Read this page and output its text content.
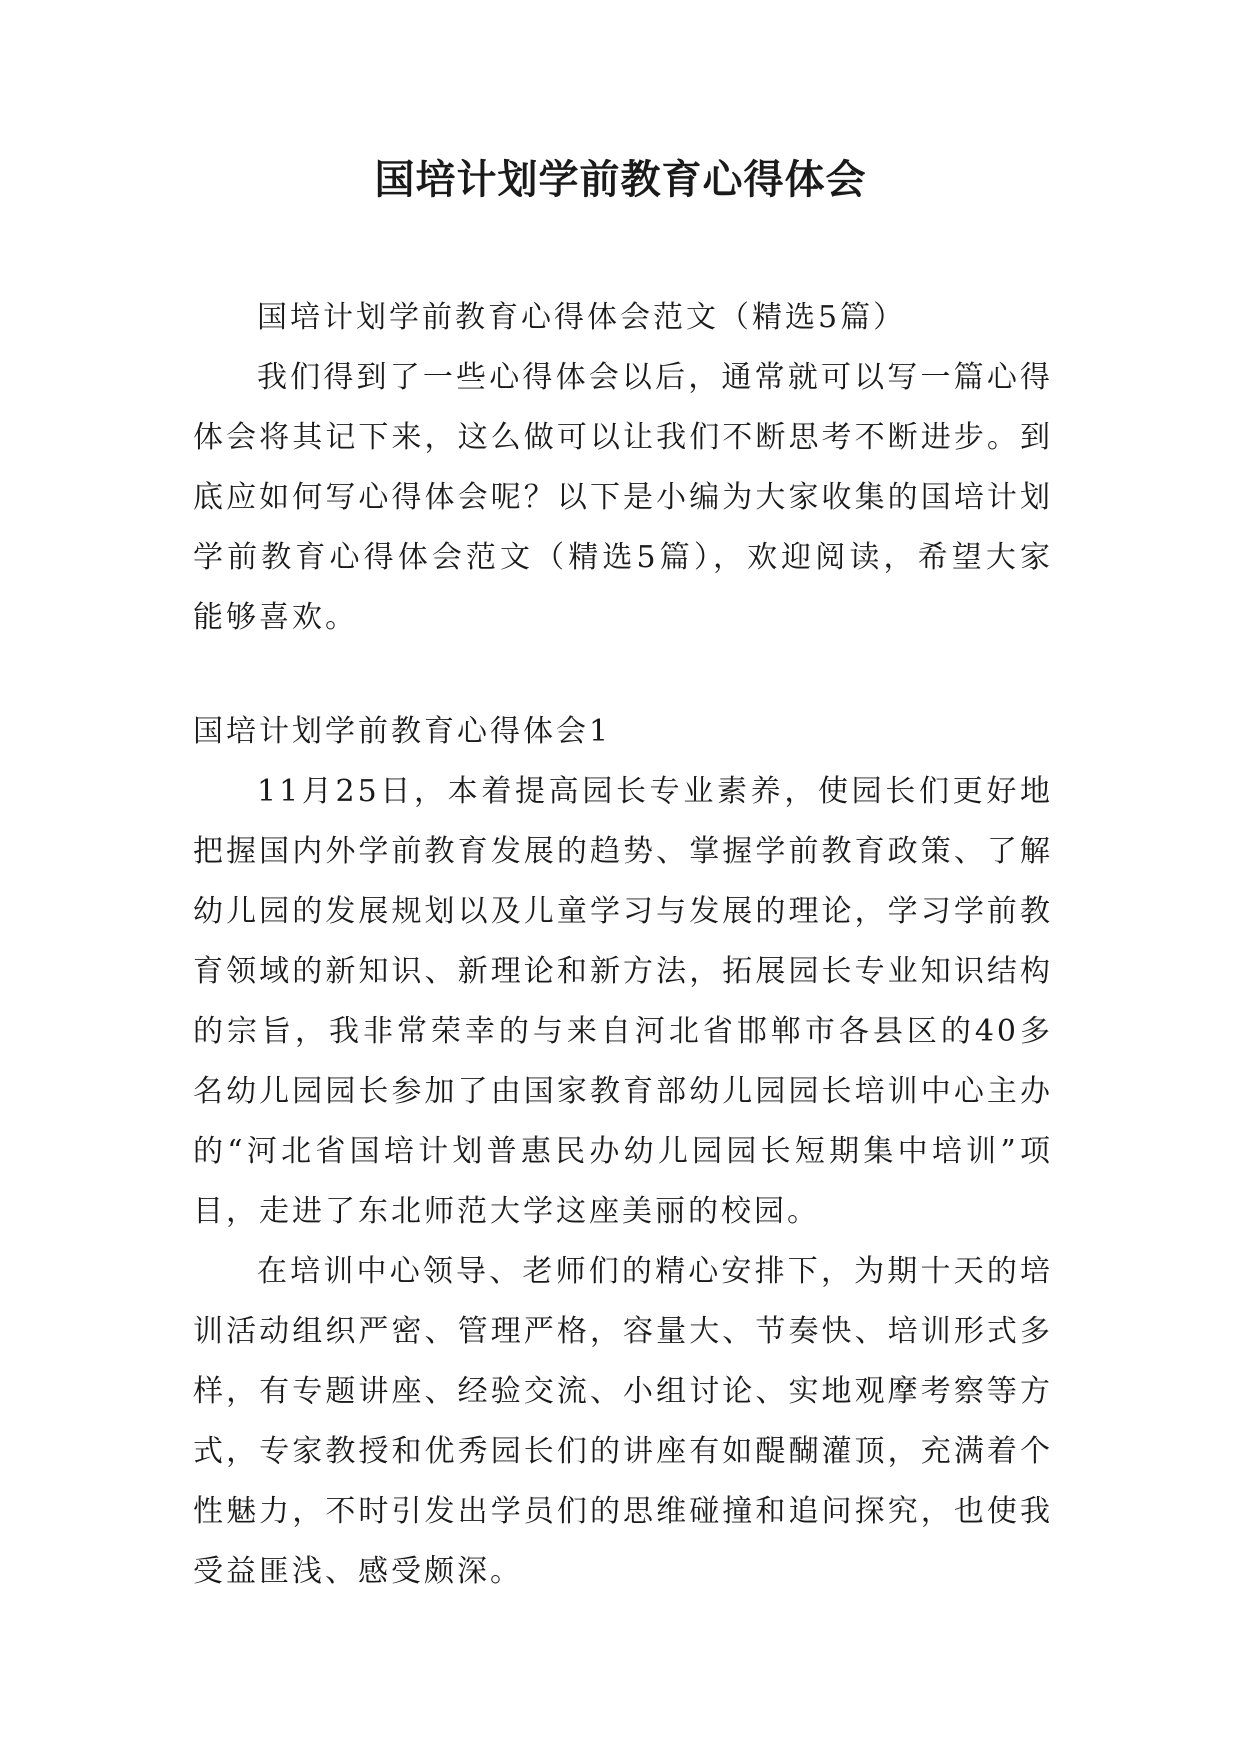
国培计划学前教育心得体会

国培计划学前教育心得体会范文（精选5篇）

我们得到了一些心得体会以后，通常就可以写一篇心得体会将其记下来，这么做可以让我们不断思考不断进步。到底应如何写心得体会呢？以下是小编为大家收集的国培计划学前教育心得体会范文（精选5篇），欢迎阅读，希望大家能够喜欢。

国培计划学前教育心得体会1

11月25日，本着提高园长专业素养，使园长们更好地把握国内外学前教育发展的趋势、掌握学前教育政策、了解幼儿园的发展规划以及儿童学习与发展的理论，学习学前教育领域的新知识、新理论和新方法，拓展园长专业知识结构的宗旨，我非常荣幸的与来自河北省邯郸市各县区的40多名幼儿园园长参加了由国家教育部幼儿园园长培训中心主办的“河北省国培计划普惠民办幼儿园园长短期集中培训”项目，走进了东北师范大学这座美丽的校园。

在培训中心领导、老师们的精心安排下，为期十天的培训活动组织严密、管理严格，容量大、节奏快、培训形式多样，有专题讲座、经验交流、小组讨论、实地观摩考察等方式，专家教授和优秀园长们的讲座有如醍醐灌顶，充满着个性魅力，不时引发出学员们的思维碰撞和追问探究，也使我受益匪浅、感受颇深。
